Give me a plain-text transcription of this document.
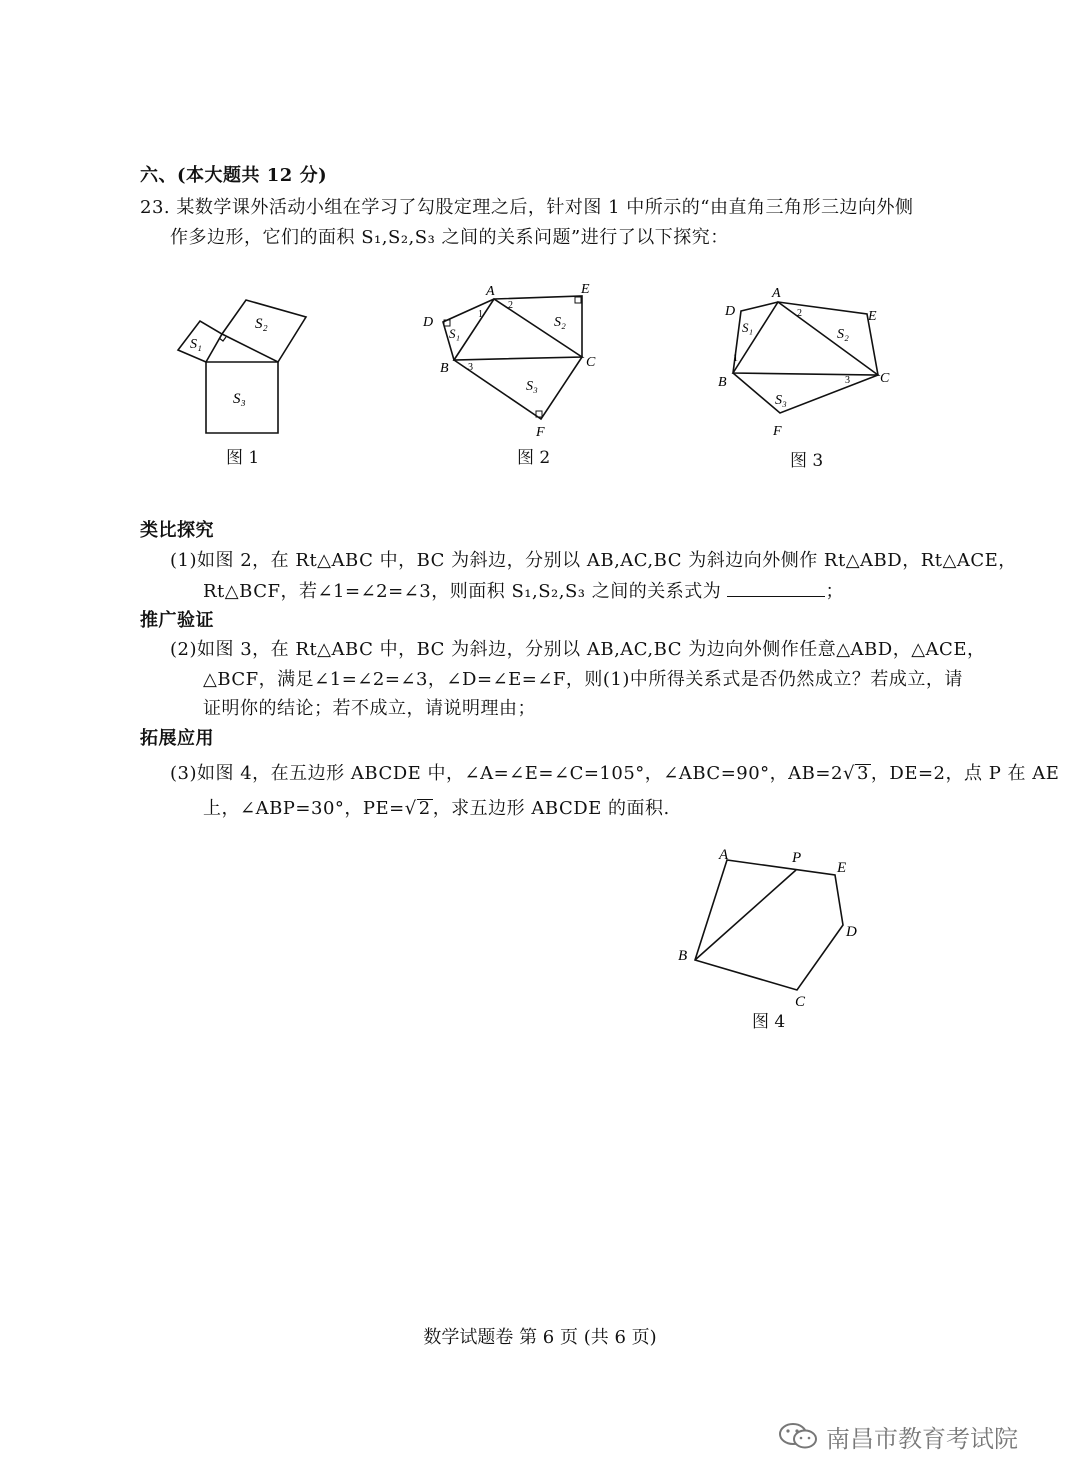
六、(本大题共 12 分)
23. 某数学课外活动小组在学习了勾股定理之后，针对图 1 中所示的“由直角三角形三边向外侧
作多边形，它们的面积 S₁,S₂,S₃ 之间的关系问题”进行了以下探究：
S₁
S₂
S₃
图 1
A
B	C
D
E
F
S₁
S₂
S₃
1
2
3
图 2
A
B	C
D	E
F
S₁	S₂
S₃
1
2
3
图 3
类比探究
(1)如图 2，在 Rt△ABC 中，BC 为斜边，分别以 AB,AC,BC 为斜边向外侧作 Rt△ABD，Rt△ACE，
Rt△BCF，若∠1=∠2=∠3，则面积 S₁,S₂,S₃ 之间的关系式为	；
推广验证
(2)如图 3，在 Rt△ABC 中，BC 为斜边，分别以 AB,AC,BC 为边向外侧作任意△ABD，△ACE，
△BCF，满足∠1=∠2=∠3，∠D=∠E=∠F，则(1)中所得关系式是否仍然成立？若成立，请
证明你的结论；若不成立，请说明理由；
拓展应用
(3)如图 4，在五边形 ABCDE 中，∠A=∠E=∠C=105°，∠ABC=90°，AB=2√ 3 ，DE=2，点 P 在 AE
上，∠ABP=30°，PE=√ 2 ，求五边形 ABCDE 的面积.
A
B
C
D
E
P
图 4
数学试题卷 第 6 页 (共 6 页)
南昌市教育考试院
